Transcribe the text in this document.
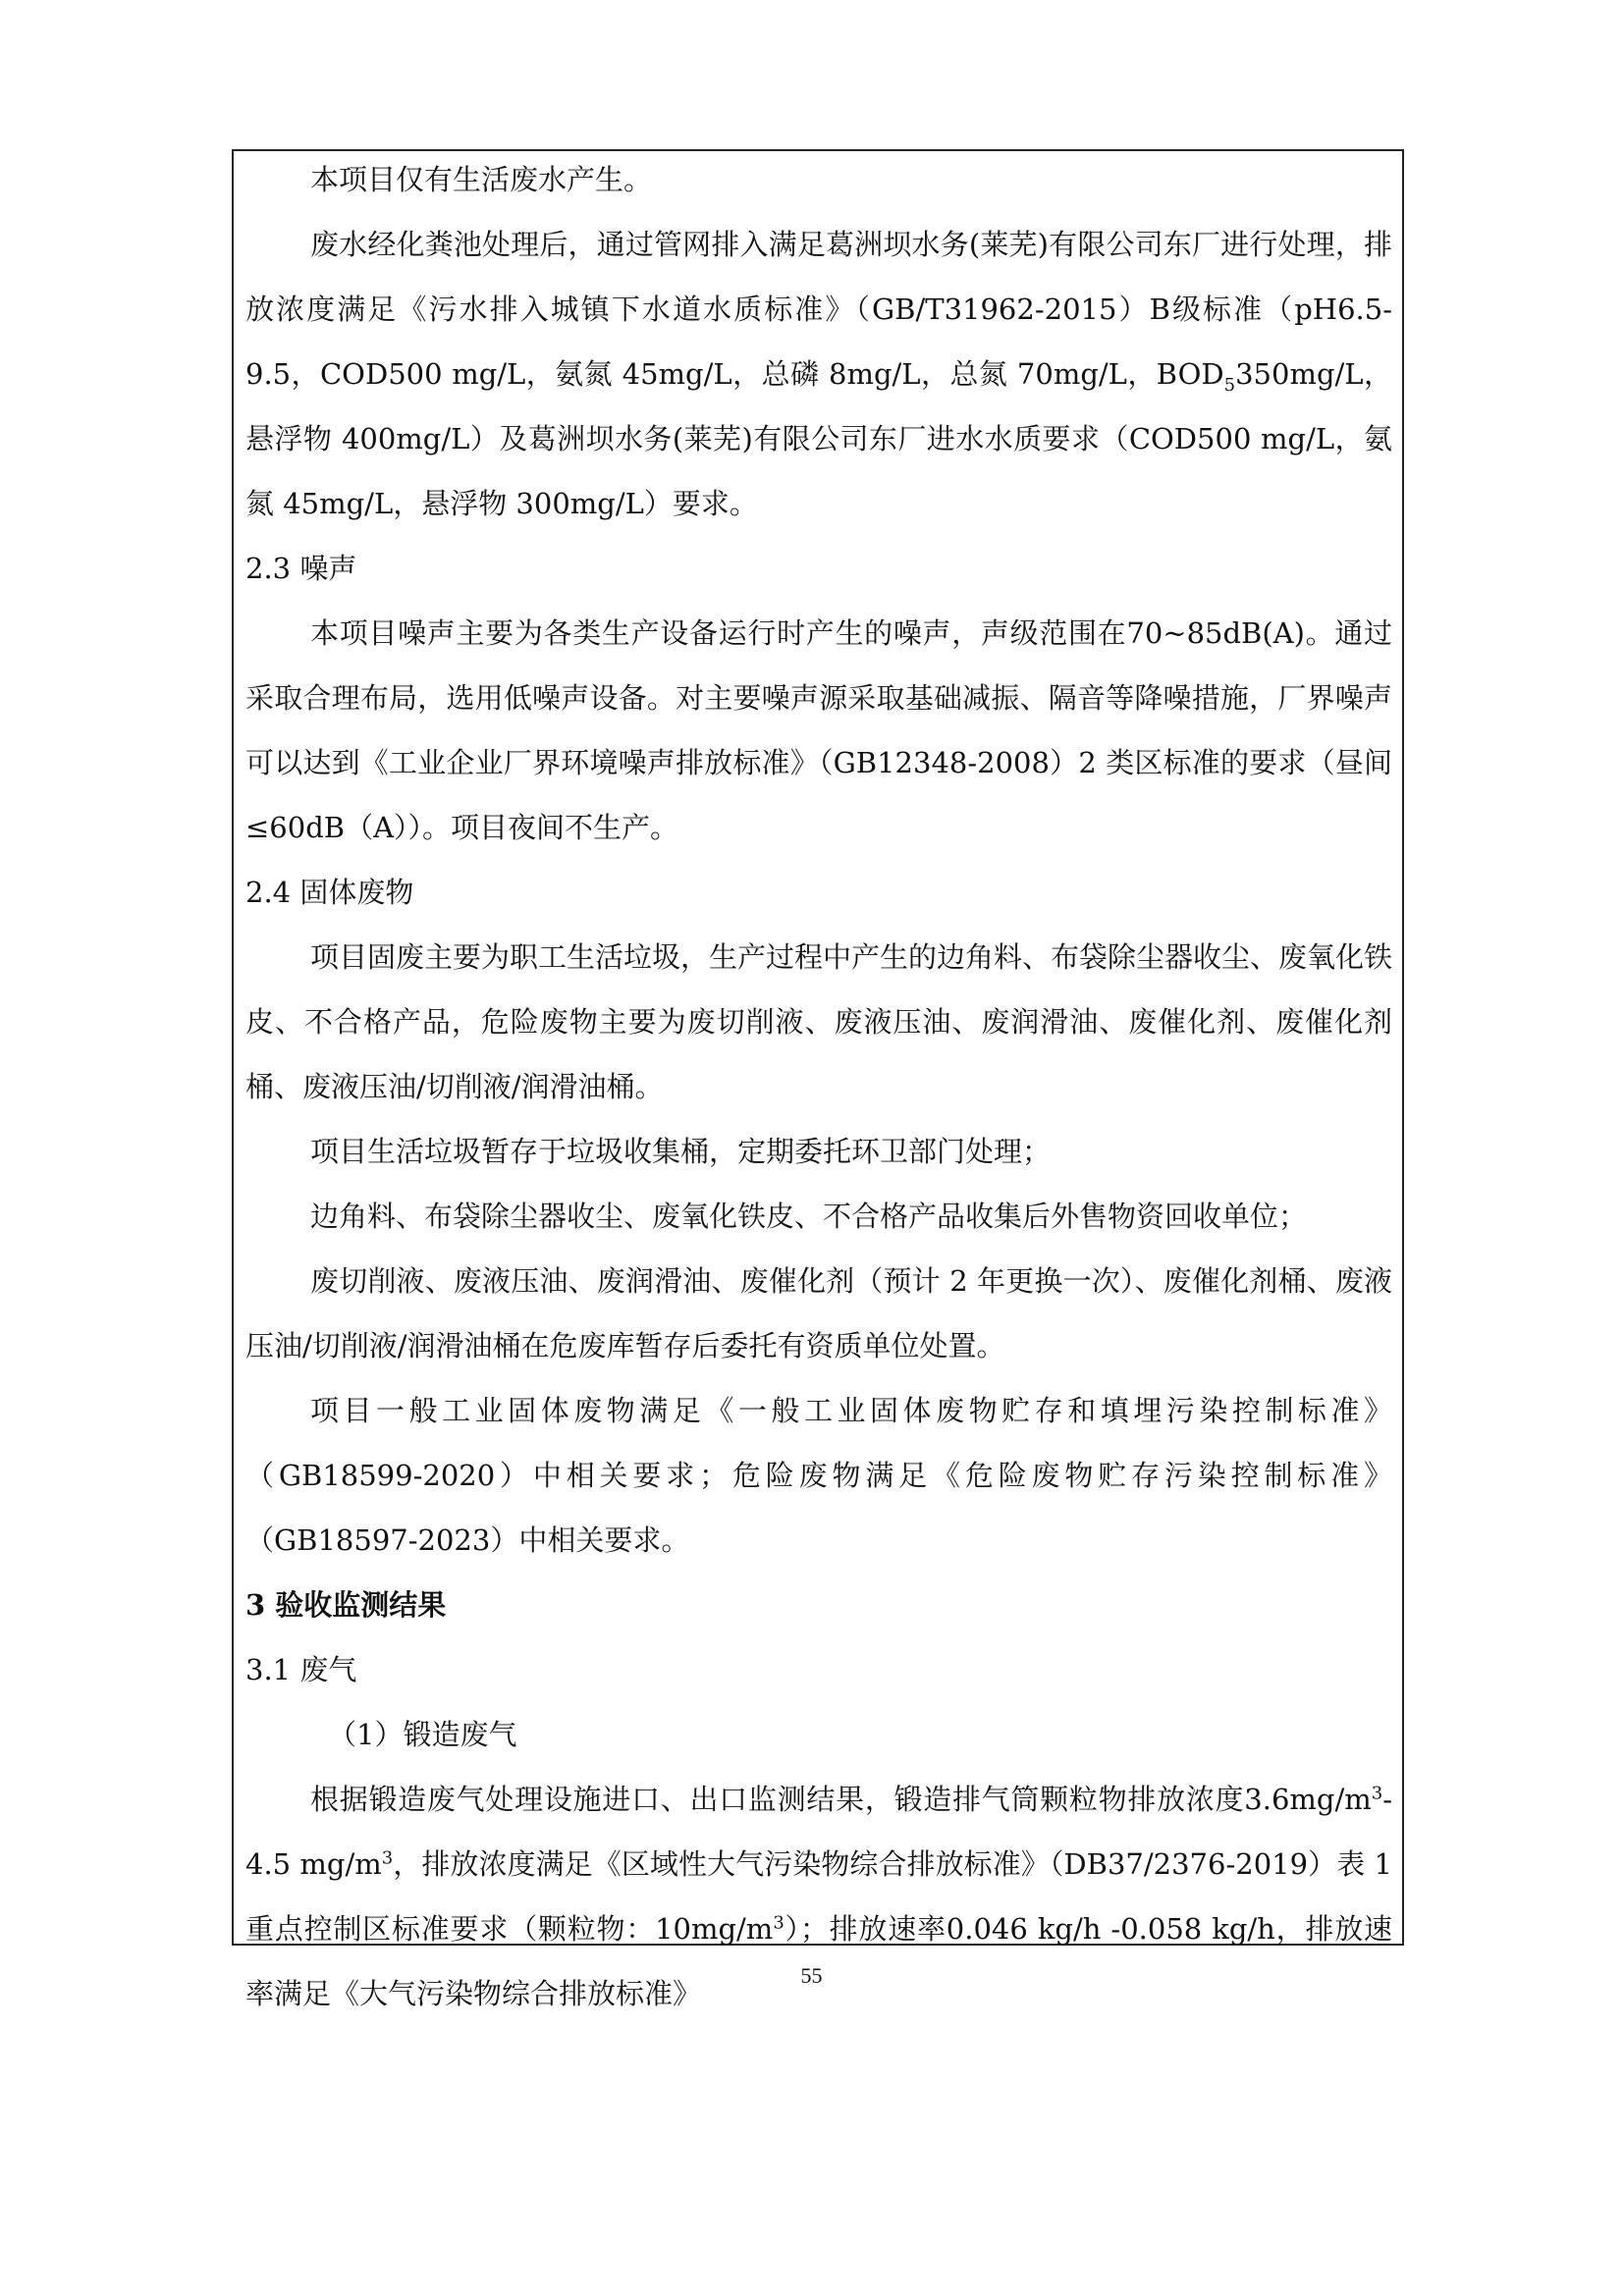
本项目仅有生活废水产生。

废水经化粪池处理后，通过管网排入满足葛洲坝水务(莱芜)有限公司东厂进行处理，排放浓度满足《污水排入城镇下水道水质标准》（GB/T31962-2015）B级标准（pH6.5-9.5，COD500 mg/L，氨氮 45mg/L，总磷 8mg/L，总氮 70mg/L，$BOD_5350mg/L$，悬浮物 400mg/L）及葛洲坝水务(莱芜)有限公司东厂进水水质要求（COD500 mg/L，氨氮 45mg/L，悬浮物 300mg/L）要求。

2.3 噪声

本项目噪声主要为各类生产设备运行时产生的噪声，声级范围在70~85dB(A)。通过采取合理布局，选用低噪声设备。对主要噪声源采取基础减振、隔音等降噪措施，厂界噪声可以达到《工业企业厂界环境噪声排放标准》（GB12348-2008）2 类区标准的要求（昼间≤60dB（A））。项目夜间不生产。

2.4 固体废物

项目固废主要为职工生活垃圾，生产过程中产生的边角料、布袋除尘器收尘、废氧化铁皮、不合格产品，危险废物主要为废切削液、废液压油、废润滑油、废催化剂、废催化剂桶、废液压油/切削液/润滑油桶。

项目生活垃圾暂存于垃圾收集桶，定期委托环卫部门处理；

边角料、布袋除尘器收尘、废氧化铁皮、不合格产品收集后外售物资回收单位；

废切削液、废液压油、废润滑油、废催化剂（预计 2 年更换一次）、废催化剂桶、废液压油/切削液/润滑油桶在危废库暂存后委托有资质单位处置。

项目一般工业固体废物满足《一般工业固体废物贮存和填埋污染控制标准》（GB18599-2020）中相关要求；危险废物满足《危险废物贮存污染控制标准》（GB18597-2023）中相关要求。

3 验收监测结果

3.1 废气

（1）锻造废气

根据锻造废气处理设施进口、出口监测结果，锻造排气筒颗粒物排放浓度$3.6mg/m^3-4.5$ $mg/m^3$，排放浓度满足《区域性大气污染物综合排放标准》（DB37/2376-2019）表 1 重点控制区标准要求（颗粒物：$10mg/m^3$）；排放速率0.046 kg/h -0.058 kg/h，排放速率满足《大气污染物综合排放标准》

55
